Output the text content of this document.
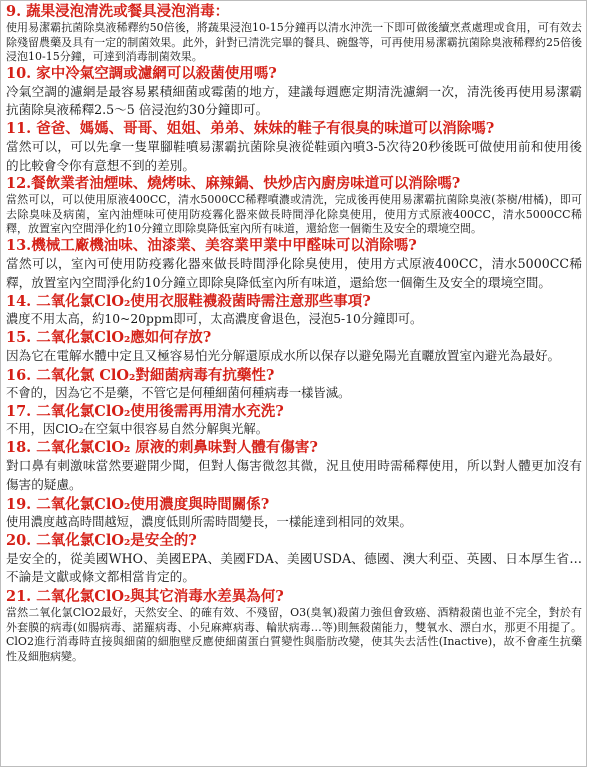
9. 蔬果浸泡清洗或餐具浸泡消毒：

使用易潔霸抗菌除臭液稀釋約50倍後，將蔬果浸泡10-15分鐘再以清水沖洗一下即可做後續烹煮處理或食用，可有效去除殘留農藥及具有一定的制菌效果。此外，針對已清洗完畢的餐具、碗盤等，可再使用易潔霸抗菌除臭液稀釋約25倍後浸泡10-15分鐘，可達到消毒制菌效果。

10. 家中冷氣空調或濾網可以殺菌使用嗎?

冷氣空調的濾網是最容易累積細菌或霉菌的地方，建議每週應定期清洗濾網一次，清洗後再使用易潔霸抗菌除臭液稀釋2.5～5 倍浸泡約30分鐘即可。

11. 爸爸、媽媽、哥哥、姐姐、弟弟、妹妹的鞋子有很臭的味道可以消除嗎?

當然可以，可以先拿一隻單腳鞋噴易潔霸抗菌除臭液從鞋頭內噴3-5次待20秒後既可做使用前和使用後的比較會令你有意想不到的差別。

12.餐飲業者油煙味、燒烤味、麻辣鍋、快炒店內廚房味道可以消除嗎?

當然可以，可以使用原液400CC，清水5000CC稀釋噴濃或清洗，完成後再使用易潔霸抗菌除臭液(茶樹/柑橘)，即可去除臭味及病菌，室內油煙味可使用防疫霧化器來做長時間淨化除臭使用，使用方式原液400CC，清水5000CC稀釋，放置室內空間淨化約10分鐘立即除臭降低室內所有味道，還給您一個衛生及安全的環境空間。

13.機械工廠機油味、油漆業、美容業甲業中甲醛味可以消除嗎?

當然可以，室內可使用防疫霧化器來做長時間淨化除臭使用，使用方式原液400CC，清水5000CC稀釋，放置室內空間淨化約10分鐘立即除臭降低室內所有味道，還給您一個衛生及安全的環境空間。

14. 二氧化氯ClO₂使用衣服鞋襪殺菌時需注意那些事項?

濃度不用太高，約10~20ppm即可，太高濃度會退色，浸泡5-10分鐘即可。

15. 二氧化氯ClO₂應如何存放?

因為它在電解水體中定且又極容易怕光分解還原成水所以保存以避免陽光直曬放置室內避光為最好。

16. 二氧化氯 ClO₂對細菌病毒有抗藥性?

不會的，因為它不是藥，不管它是何種細菌何種病毒一樣皆滅。

17. 二氧化氯ClO₂使用後需再用清水充洗?

不用，因ClO₂在空氣中很容易自然分解與光解。

18. 二氧化氯ClO₂ 原液的刺鼻味對人體有傷害?

對口鼻有刺激味當然要避開少聞，但對人傷害微忽其微，況且使用時需稀釋使用，所以對人體更加沒有傷害的疑慮。

19. 二氧化氯ClO₂使用濃度與時間關係?

使用濃度越高時間越短，濃度低則所需時間變長，一樣能達到相同的效果。

20. 二氧化氯ClO₂是安全的?

是安全的，從美國WHO、美國EPA、美國FDA、美國USDA、德國、澳大利亞、英國、日本厚生省…不論是文獻或條文都相當肯定的。

21. 二氧化氯ClO₂與其它消毒水差異為何?

當然二氧化氯ClO2最好，天然安全、的確有效、不殘留，O3(臭氧)殺菌力強但會致癌、酒精殺菌也並不完全，對於有外套膜的病毒(如腸病毒、諾羅病毒、小兒麻痺病毒、輪狀病毒…等)則無殺菌能力，雙氧水、漂白水，那更不用提了。ClO2進行消毒時直接與細菌的細胞壁反應使細菌蛋白質變性與脂肪改變，使其失去活性(Inactive)，故不會產生抗藥性及細胞病變。
